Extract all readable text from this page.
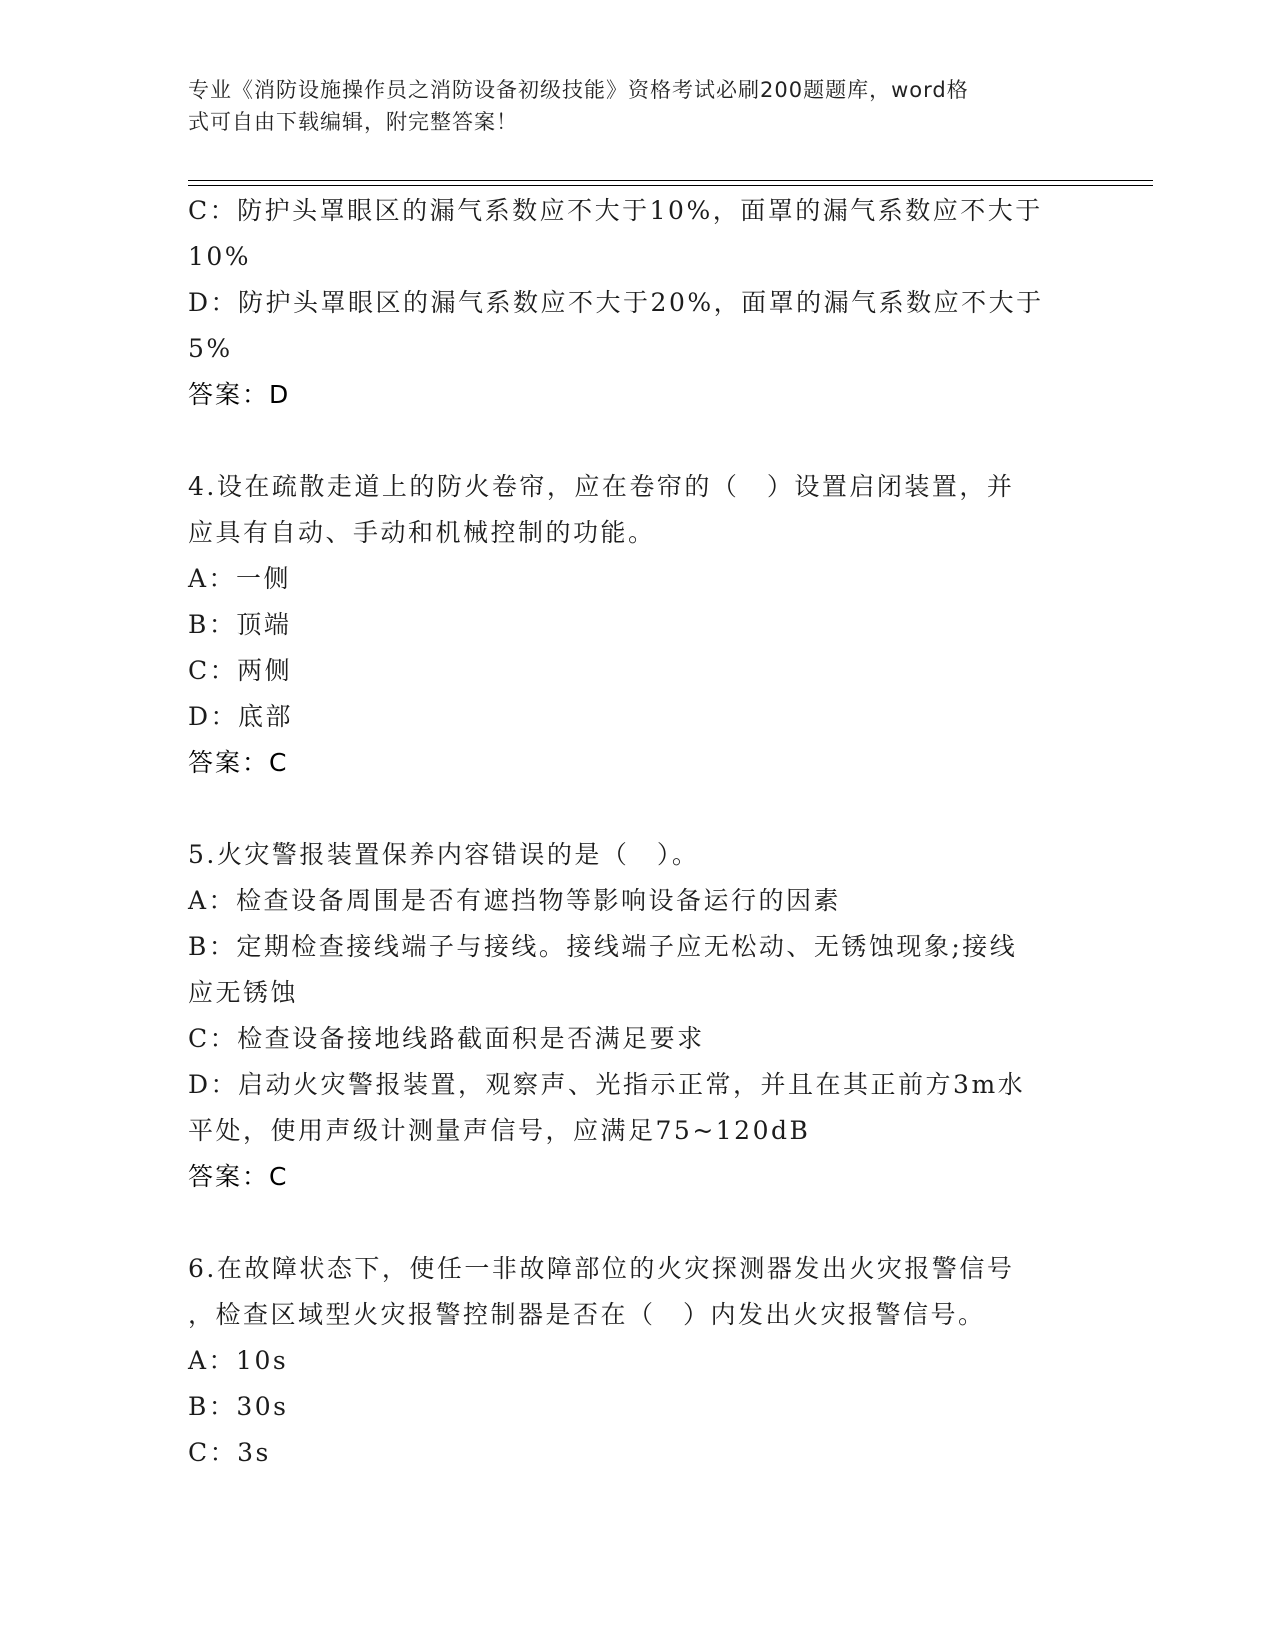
专业《消防设施操作员之消防设备初级技能》资格考试必刷200题题库，word格
式可自由下载编辑，附完整答案！
C：防护头罩眼区的漏气系数应不大于10%，面罩的漏气系数应不大于
10%
D：防护头罩眼区的漏气系数应不大于20%，面罩的漏气系数应不大于
5%
答案：D
4.设在疏散走道上的防火卷帘，应在卷帘的（　）设置启闭装置，并
应具有自动、手动和机械控制的功能。
A：一侧
B：顶端
C：两侧
D：底部
答案：C
5.火灾警报装置保养内容错误的是（　）。
A：检查设备周围是否有遮挡物等影响设备运行的因素
B：定期检查接线端子与接线。接线端子应无松动、无锈蚀现象;接线
应无锈蚀
C：检查设备接地线路截面积是否满足要求
D：启动火灾警报装置，观察声、光指示正常，并且在其正前方3m水
平处，使用声级计测量声信号，应满足75~120dB
答案：C
6.在故障状态下，使任一非故障部位的火灾探测器发出火灾报警信号
，检查区域型火灾报警控制器是否在（　）内发出火灾报警信号。
A：10s
B：30s
C：3s
